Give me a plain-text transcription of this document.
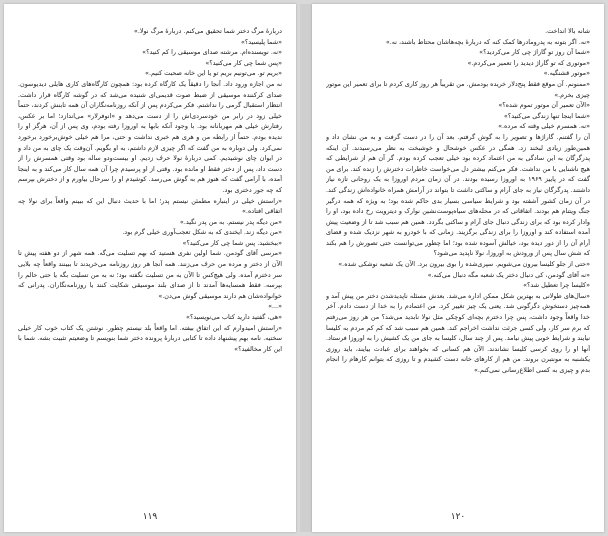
دربارهٔ مرگ دختر شما تحقیق می‌کنم. دربارهٔ مرگ نولا.»

«شما پلیسید؟»

«نه. نویسنده‌ام. مرشته صدای موسیقی را کم کنید؟»

«پس شما چی کار می‌کنید؟»

«بریم تو. می‌تونیم بریم تو یا این خانه صحبت کنیم.»

نه من اجازه ورود داد. آنجا را دقیقاً یک کارگاه کرده بود: همچون کارگاه‌های کاری هایلی دیدیوسون. صدای کرکننده موسیقی از ضبط صوت قدیمی‌ای شنیده می‌شد که در گوشه کارگاه قرار داشت. انتظار استقبال گرمی را نداشتم. فکر می‌کردم پس از آنکه روزنامه‌نگاران آن همه تا‌بنش کردند، حتماً خیلی زود در رابر من خودسردی‌اش را از دست می‌دهد و «انوفرلار» می‌اندازد؛ اما بر عکس، رفتارش خیلی هم مهربانانه بود. با وجود آنکه بابها به اوروزا رفته بودم، وی پس از آن، هرگز او را ندیده بودم. حتماً از رابطه من و هری هم خبری نداشت و حتی، مرا هم خیلی خوش‌برخورد برخورد نمی‌کرد. ولی دوباره به من گفت که اگر چیزی لازم داشتم، به او بگویم. آن‌وقت یک چای به من داد و در ایوان چای نوشیدیم. کمی دربارهٔ نولا حرف زدیم. او بیست‌ودو ساله بود وقتی همسرش را از دست داد، پس از دختر فقط او مانده بود. وقتی از او پرسیدم چرا آن همه سال کار می‌کند و به اینجا آمده، با آرامی گفت که هنوز هم به گوش می‌رسد. کوشیدم او را سرحال بیاورم و از دخترش بپرسم که چه جور دختری بود.

«راستش خیلی در اینباره مطمئن نیستم پدر؛ اما با حدیث دنبال این که ببینم واقعاً برای نولا چه اتفاقی افتاده.»

«من دیگه پدر نیستم. به من پدر نگید.»

«من دیگه زند. ایخندی که به شکل تعجب‌آوری خیلی گرم بود.

«ببخشید. پس شما چی کار می‌کنید؟»

«مرسی آقای گودمن. شما اولین نفری هستید که بهم تسلیت می‌گه. همه شهر از دو هفته پیش تا الآن از دختر و مرده من حرف می‌زنند. همه آنجا هر روز روزنامه می‌خریدند تا ببینند واقعاً چه بلایی سر دخترم آمده. ولی هیچ‌کس تا الآن به من تسلیت نگفته بود؛ نه به من تسلیت بگه یا حتی حالم را بپرسه. فقط همسایه‌ها آمدند تا از صدای بلند موسیقی شکایت کنند یا روزنامه‌نگاران. پدرانی که خوانواده‌شان هم دارند موسیقی گوش می‌دن.»

«...»

«هی، گفتید دارید کتاب می‌نویسید؟»

«راستش امیدوارم که این اتفاق بیفته. اما واقعاً بلد نیستم چطور. نوشتن یک کتاب خوب کار خیلی سختیه. نامه بهم پیشنهاد داده تا کتابی دربارهٔ پرونده دختر شما بنویسم تا وضعیتم تثبیت بشه. شما با این کار مخالفید؟»

۱۱۹

شانه بالا انداخت.

«نه. اگر بتونه به پدرومادرها کمک کنه که دربارهٔ بچه‌هاشان محتاط باشند، نه.»

«شما آن روز تو گاراژ چی کار می‌کردید؟»

«موتوری که تو گاراژ دیدید را تعمیر می‌کردم.»

«موتور قشنگیه.»

«ممنونم. آن موقع فقط پنج‌دلار خریده بودمش. من تقریباً هر روز کاری کردم تا برای تعمیر این موتور چیزی بخرم.»

«الآن تعمیر آن موتور تموم شده؟»

«شما اینجا تنها زندگی می‌کنید؟»

«نه. همسرم خیلی وقته که مرده.»

آن را گفتنم. گاراژ‌ها و تصویر را به گوش گرفتم. بعد آن را در دست گرفت و به من نشان داد و همین‌طور زیادی لبخند زد. همگی در عکس خوشحال و خوشبخت به نظر می‌رسیدند. آن اینکه پدرگرگان به این سادگی به من اعتماد کرده بود خیلی تعجب کرده بودم. گر آن هم از شرایطی که هیچ ناشنایی با من نداشت. فکر می‌کنم بیشتر دل می‌خواست خاطرات دخترش را زنده کند. برای من گفت که در پاییز ۱۹۶۹ به اوروزا رسیده بودند. در آن زمان مردم اوروزا به یک روحانی تازه نیاز داشتند. پدرگرگان نیاز به جای آرام و ساکتی داشت تا بتواند در آرامش همراه خانواده‌اش زندگی کند. در آن زمان کشور آشفته بود و شرایط سیاسی بسیار بدی حاکم شده بود؛ به ویژه که همه درگیر جنگ ویتنام هم بودند. اتفاقاتی که در محله‌های سیاه‌پوست‌نشین نوارک و دیترویت رخ داده بود، او را وادار کرده بود که برای زندگی دنبال جای آرام و ساکتی بگردد. همین هم سبب شد تا از وضعیت پیش آمده استفاده کند و اوروزا را برای زندگی برگزیند. زمانی که با خودرو به شهر نزدیک شده و فضای آرام آن را از دور دیده بود، خیالش آسوده شده بود؛ اما چطور می‌توانست حتی تصورش را هم بکند که شش سال پس از ورودش به اوروزا، نولا ناپدید می‌شود؟

«حتی از جلو کلیسا بیرون می‌شویم. سپری‌شده را بوی بیرون برد. الآن یک شعبه نوشکی شده.»

«نه آقای گودمن، کی دنبال دختر یک شعبه مگه دنبال می‌کنه.»

«کلیسا چرا تعطیل شد؟»

«سال‌های طولانی به بهترین شکل ممکن اداره می‌شد. بعدش مسئله ناپدیدشدن دختر من پیش آمد و همه‌چیز دستخوش دگرگونی شد. یعنی یک چیز تغییر کرد. من اعتمادم را به خدا از دست دادم. آخر خدا واقعاً وجود داشت، پس چرا دخترم بچه‌ای کوچکی مثل نولا نابدید می‌شد؟ من هر روز می‌رفتم که برم سر کار، ولی کسی جرئت نداشت اخراجم کند. همین هم سبب شد که کم کم مردم به کلیسا نیایند و شرایط خوبی پیش نیامد. پس از چند سال، کلیسا به جای من یک کشیش را به اوروزا فرستاد. آنها او را روی کرسی کلیسا نشاندند. الآن هم کسانی که بخواهند برای عبادت بیایند، باید روزی یکشنبه به مونتبرن بروند. من هم از کارهای خانه دست کشیدم و تا روزی که بتوانم کارهام را انجام بدم و چیزی به کسی اطلاع‌رسانی نمی‌کنم.»

۱۲۰
